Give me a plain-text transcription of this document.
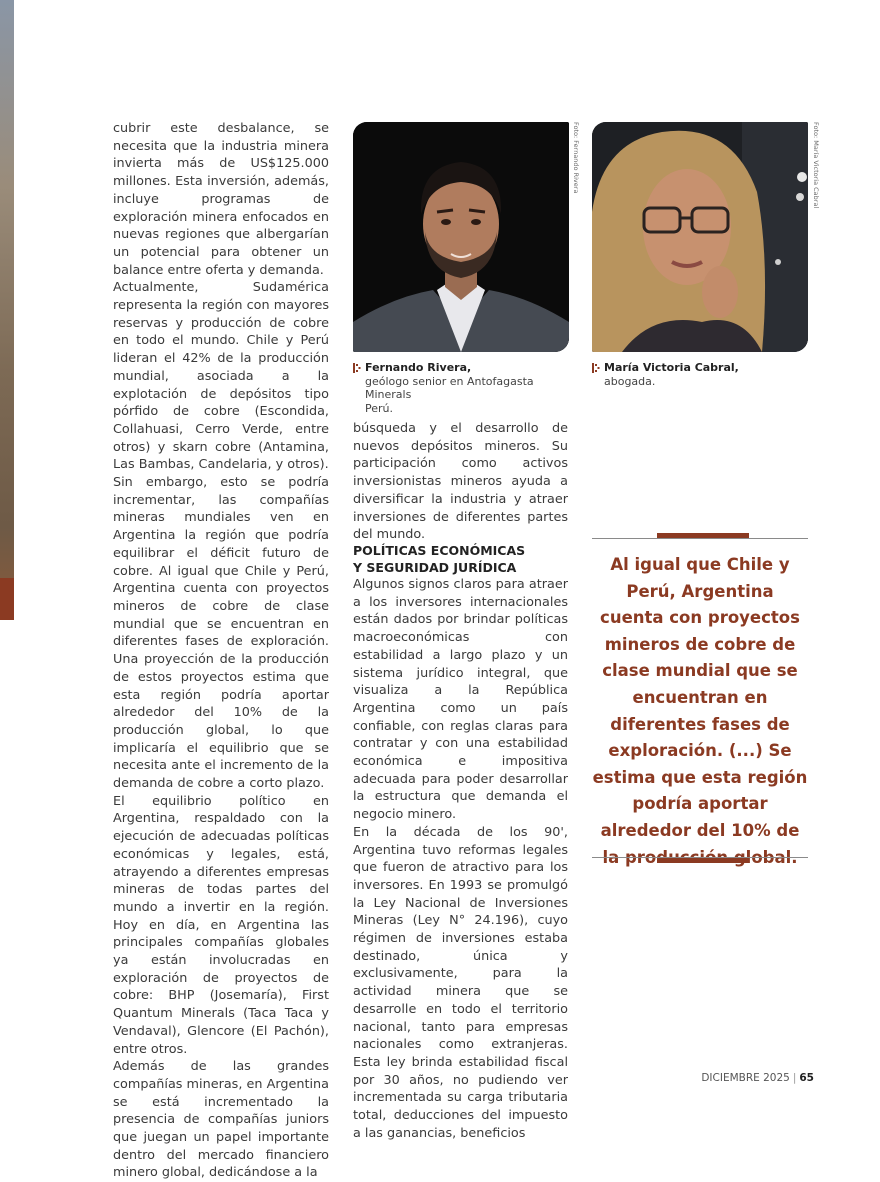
cubrir este desbalance, se necesita que la industria minera invierta más de US$125.000 millones. Esta inversión, además, incluye programas de exploración minera enfocados en nuevas regiones que albergarían un potencial para obtener un balance entre oferta y demanda.

Actualmente, Sudamérica representa la región con mayores reservas y producción de cobre en todo el mundo. Chile y Perú lideran el 42% de la producción mundial, asociada a la explotación de depósitos tipo pórfido de cobre (Escondida, Collahuasi, Cerro Verde, entre otros) y skarn cobre (Antamina, Las Bambas, Candelaria, y otros).

Sin embargo, esto se podría incrementar, las compañías mineras mundiales ven en Argentina la región que podría equilibrar el déficit futuro de cobre. Al igual que Chile y Perú, Argentina cuenta con proyectos mineros de cobre de clase mundial que se encuentran en diferentes fases de exploración. Una proyección de la producción de estos proyectos estima que esta región podría aportar alrededor del 10% de la producción global, lo que implicaría el equilibrio que se necesita ante el incremento de la demanda de cobre a corto plazo.

El equilibrio político en Argentina, respaldado con la ejecución de adecuadas políticas económicas y legales, está, atrayendo a diferentes empresas mineras de todas partes del mundo a invertir en la región. Hoy en día, en Argentina las principales compañías globales ya están involucradas en exploración de proyectos de cobre: BHP (Josemaría), First Quantum Minerals (Taca Taca y Vendaval), Glencore (El Pachón), entre otros.

Además de las grandes compañías mineras, en Argentina se está incrementado la presencia de compañías juniors que juegan un papel importante dentro del mercado financiero minero global, dedicándose a la

Foto: Fernando Rivera	Foto: María Victoria Cabral
Fernando Rivera,
geólogo senior en Antofagasta Minerals
Perú.
María Victoria Cabral,
abogada.

búsqueda y el desarrollo de nuevos depósitos mineros. Su participación como activos inversionistas mineros ayuda a diversificar la industria y atraer inversiones de diferentes partes del mundo.

POLÍTICAS ECONÓMICAS
Y SEGURIDAD JURÍDICA

Algunos signos claros para atraer a los inversores internacionales están dados por brindar políticas macroeconómicas con estabilidad a largo plazo y un sistema jurídico integral, que visualiza a la República Argentina como un país confiable, con reglas claras para contratar y con una estabilidad económica e impositiva adecuada para poder desarrollar la estructura que demanda el negocio minero.

En la década de los 90', Argentina tuvo reformas legales que fueron de atractivo para los inversores. En 1993 se promulgó la Ley Nacional de Inversiones Mineras (Ley N° 24.196), cuyo régimen de inversiones estaba destinado, única y exclusivamente, para la actividad minera que se desarrolle en todo el territorio nacional, tanto para empresas nacionales como extranjeras. Esta ley brinda estabilidad fiscal por 30 años, no pudiendo ver incrementada su carga tributaria total, deducciones del impuesto a las ganancias, beneficios

Al igual que Chile y Perú, Argentina cuenta con proyectos mineros de cobre de clase mundial que se encuentran en diferentes fases de exploración. (...) Se estima que esta región podría aportar alrededor del 10% de la global.
DICIEMBRE 2025 | 65
